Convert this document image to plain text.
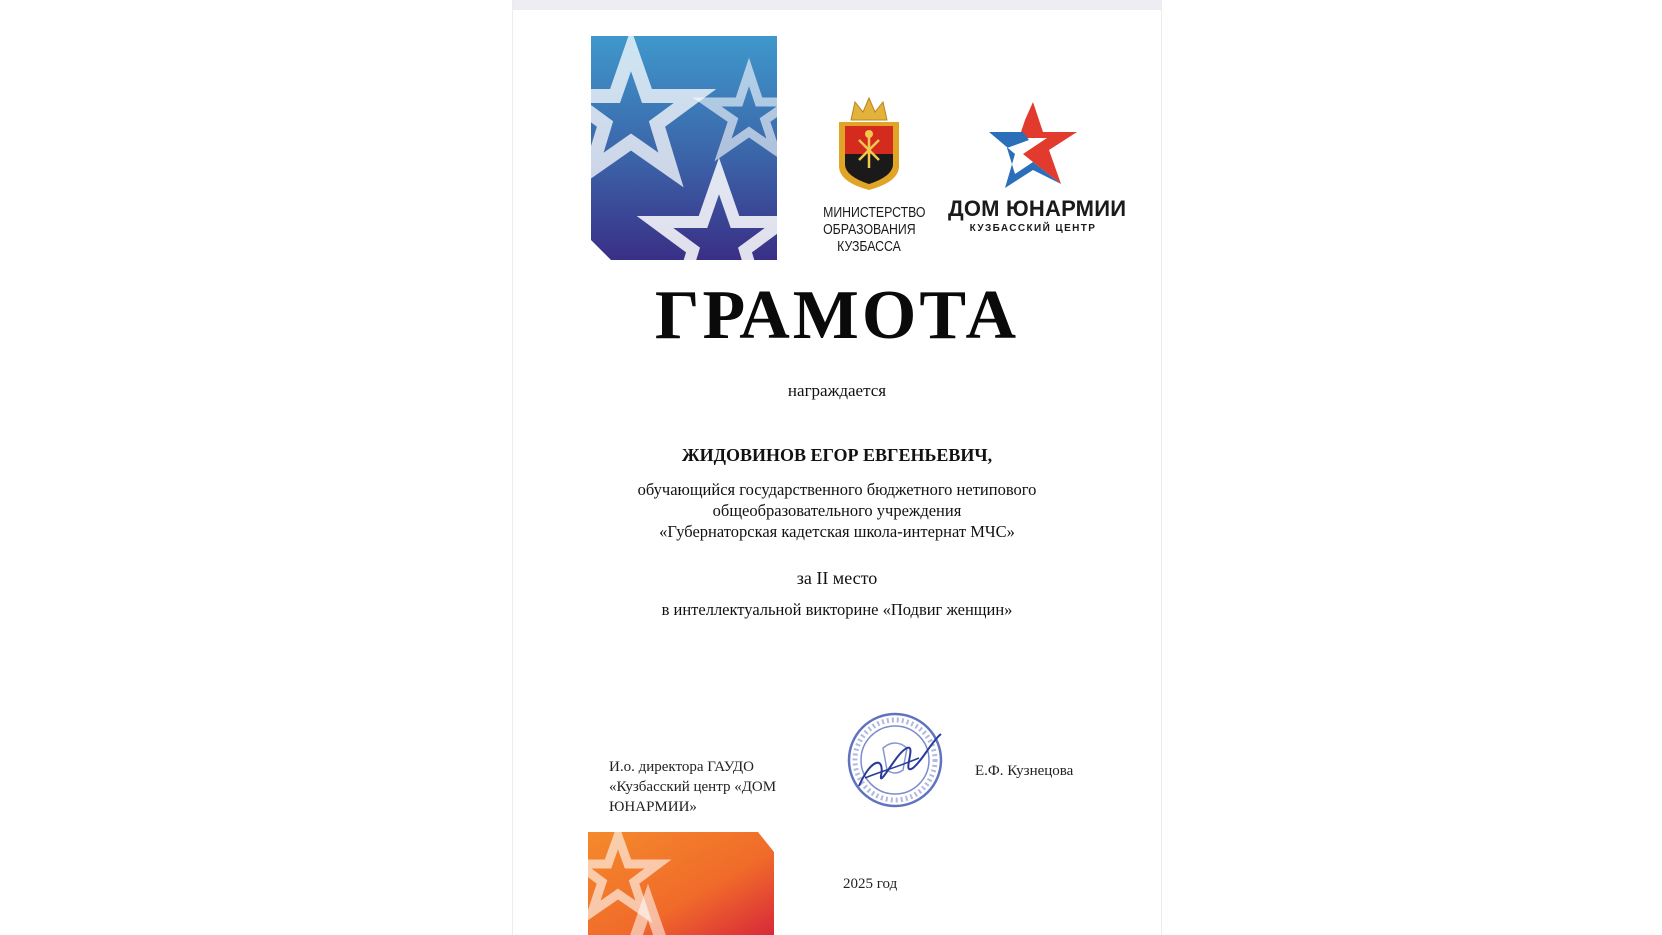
МИНИСТЕРСТВО
ОБРАЗОВАНИЯ
КУЗБАССА
ДОМ ЮНАРМИИ
КУЗБАССКИЙ ЦЕНТР
ГРАМОТА
награждается
ЖИДОВИНОВ ЕГОР ЕВГЕНЬЕВИЧ,
обучающийся государственного бюджетного нетипового
общеобразовательного учреждения
«Губернаторская кадетская школа-интернат МЧС»
за II место
в интеллектуальной викторине «Подвиг женщин»
И.о. директора ГАУДО
«Кузбасский центр «ДОМ
ЮНАРМИИ»
Е.Ф. Кузнецова
2025 год
